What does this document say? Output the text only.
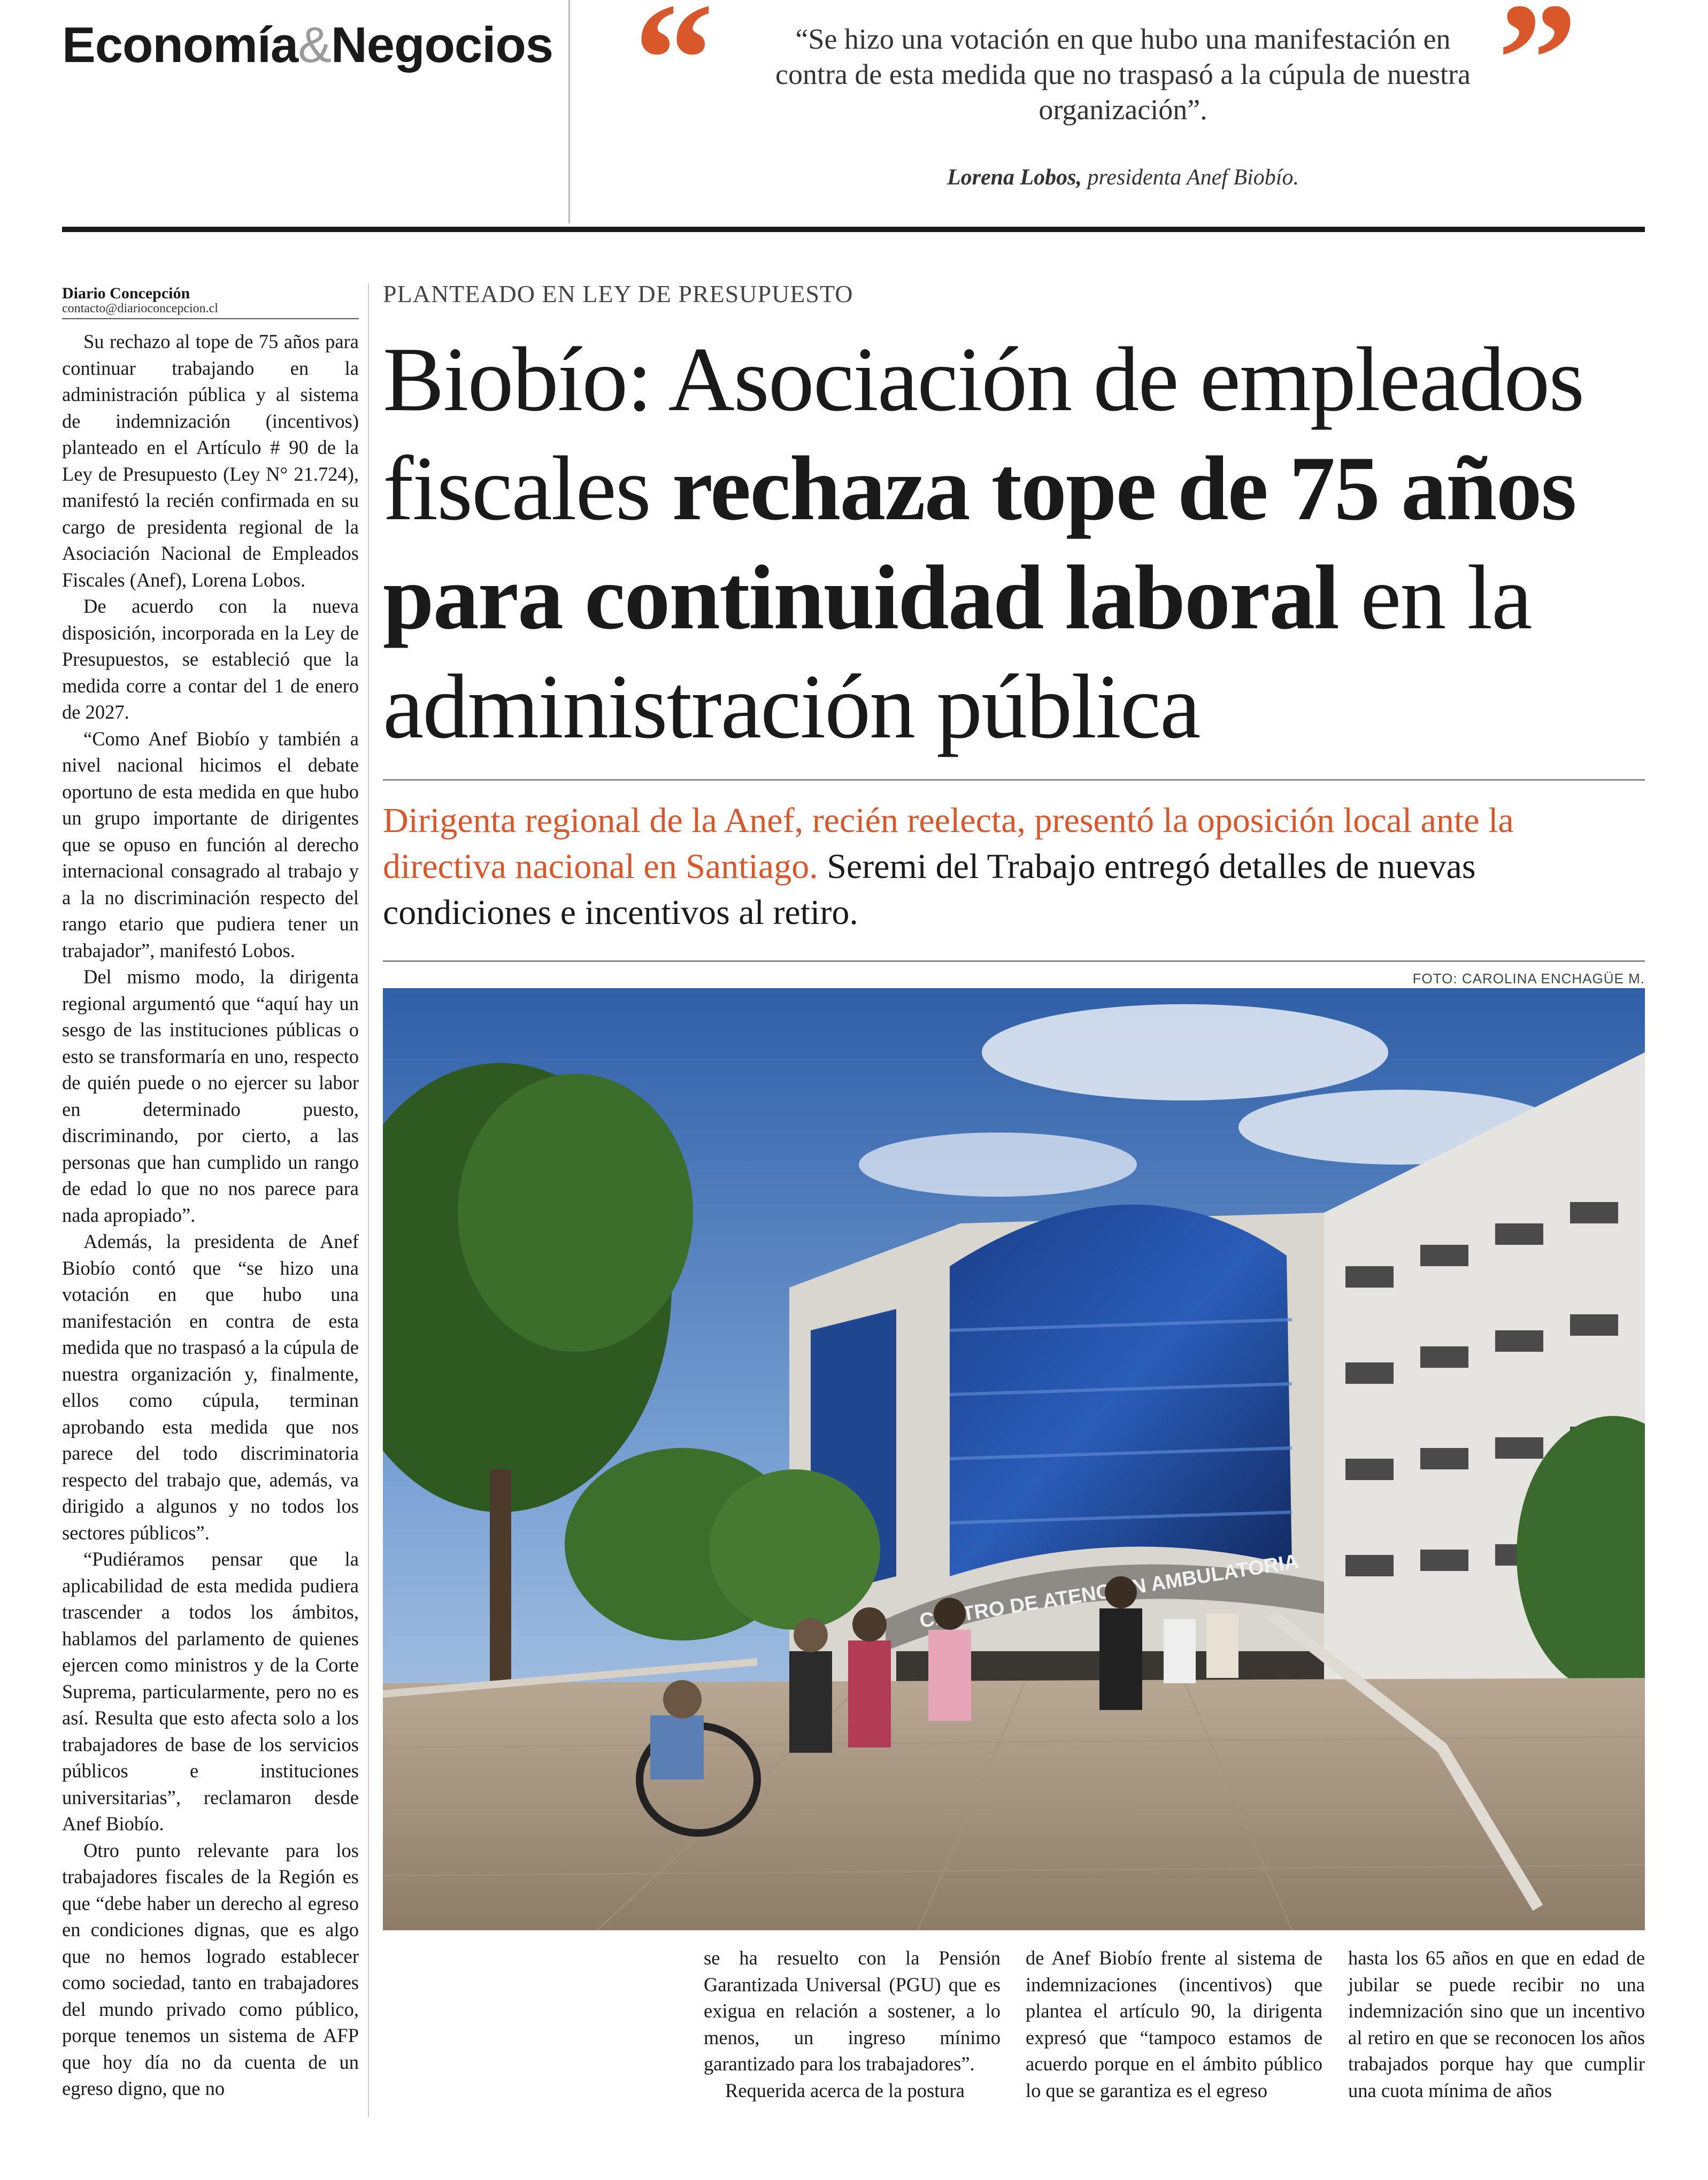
Economía&Negocios “	“Se hizo una votación en que hubo una manifestación en contra de esta medida que no traspasó a la cúpula de nuestra organización”.	”
Lorena Lobos, presidenta Anef Biobío.
Diario Concepción
contacto@diarioconcepcion.cl
PLANTEADO EN LEY DE PRESUPUESTO
Biobío: Asociación de empleados fiscales rechaza tope de 75 años para continuidad laboral en la administración pública
Dirigenta regional de la Anef, recién reelecta, presentó la oposición local ante la directiva nacional en Santiago. Seremi del Trabajo entregó detalles de nuevas condiciones e incentivos al retiro.
FOTO: CAROLINA ENCHAGÜE M.
DE ATENCIÓN AMBULATORIA

Su rechazo al tope de 75 años para continuar trabajando en la administración pública y al sistema de indemnización (incentivos) planteado en el Artículo # 90 de la Ley de Presupuesto (Ley N° 21.724), manifestó la recién confirmada en su cargo de presidenta regional de la Asociación Nacional de Empleados Fiscales (Anef), Lorena Lobos.

De acuerdo con la nueva disposición, incorporada en la Ley de Presupuestos, se estableció que la medida corre a contar del 1 de enero de 2027.

“Como Anef Biobío y también a nivel nacional hicimos el debate oportuno de esta medida en que hubo un grupo importante de dirigentes que se opuso en función al derecho internacional consagrado al trabajo y a la no discriminación respecto del rango etario que pudiera tener un trabajador”, manifestó Lobos.

Del mismo modo, la dirigenta regional argumentó que “aquí hay un sesgo de las instituciones públicas o esto se transformaría en uno, respecto de quién puede o no ejercer su labor en determinado puesto, discriminando, por cierto, a las personas que han cumplido un rango de edad lo que no nos parece para nada apropiado”.

Además, la presidenta de Anef Biobío contó que “se hizo una votación en que hubo una manifestación en contra de esta medida que no traspasó a la cúpula de nuestra organización y, finalmente, ellos como cúpula, terminan aprobando esta medida que nos parece del todo discriminatoria respecto del trabajo que, además, va dirigido a algunos y no todos los sectores públicos”.

“Pudiéramos pensar que la aplicabilidad de esta medida pudiera trascender a todos los ámbitos, hablamos del parlamento de quienes ejercen como ministros y de la Corte Suprema, particularmente, pero no es así. Resulta que esto afecta solo a los trabajadores de base de los servicios públicos e instituciones universitarias”, reclamaron desde Anef Biobío.

Otro punto relevante para los trabajadores fiscales de la Región es que “debe haber un derecho al egreso en condiciones dignas, que es algo que no hemos logrado establecer como sociedad, tanto en trabajadores del mundo privado como público, porque tenemos un sistema de AFP que hoy día no da cuenta de un egreso digno, que no

se ha resuelto con la Pensión Garantizada Universal (PGU) que es exigua en relación a sostener, a lo menos, un ingreso mínimo garantizado para los trabajadores”.

Requerida acerca de la postura

de Anef Biobío frente al sistema de indemnizaciones (incentivos) que plantea el artículo 90, la dirigenta expresó que “tampoco estamos de acuerdo porque en el ámbito público lo que se garantiza es el egreso

hasta los 65 años en que en edad de jubilar se puede recibir no una indemnización sino que un incentivo al retiro en que se reconocen los años trabajados porque hay que cumplir una cuota mínima de años
